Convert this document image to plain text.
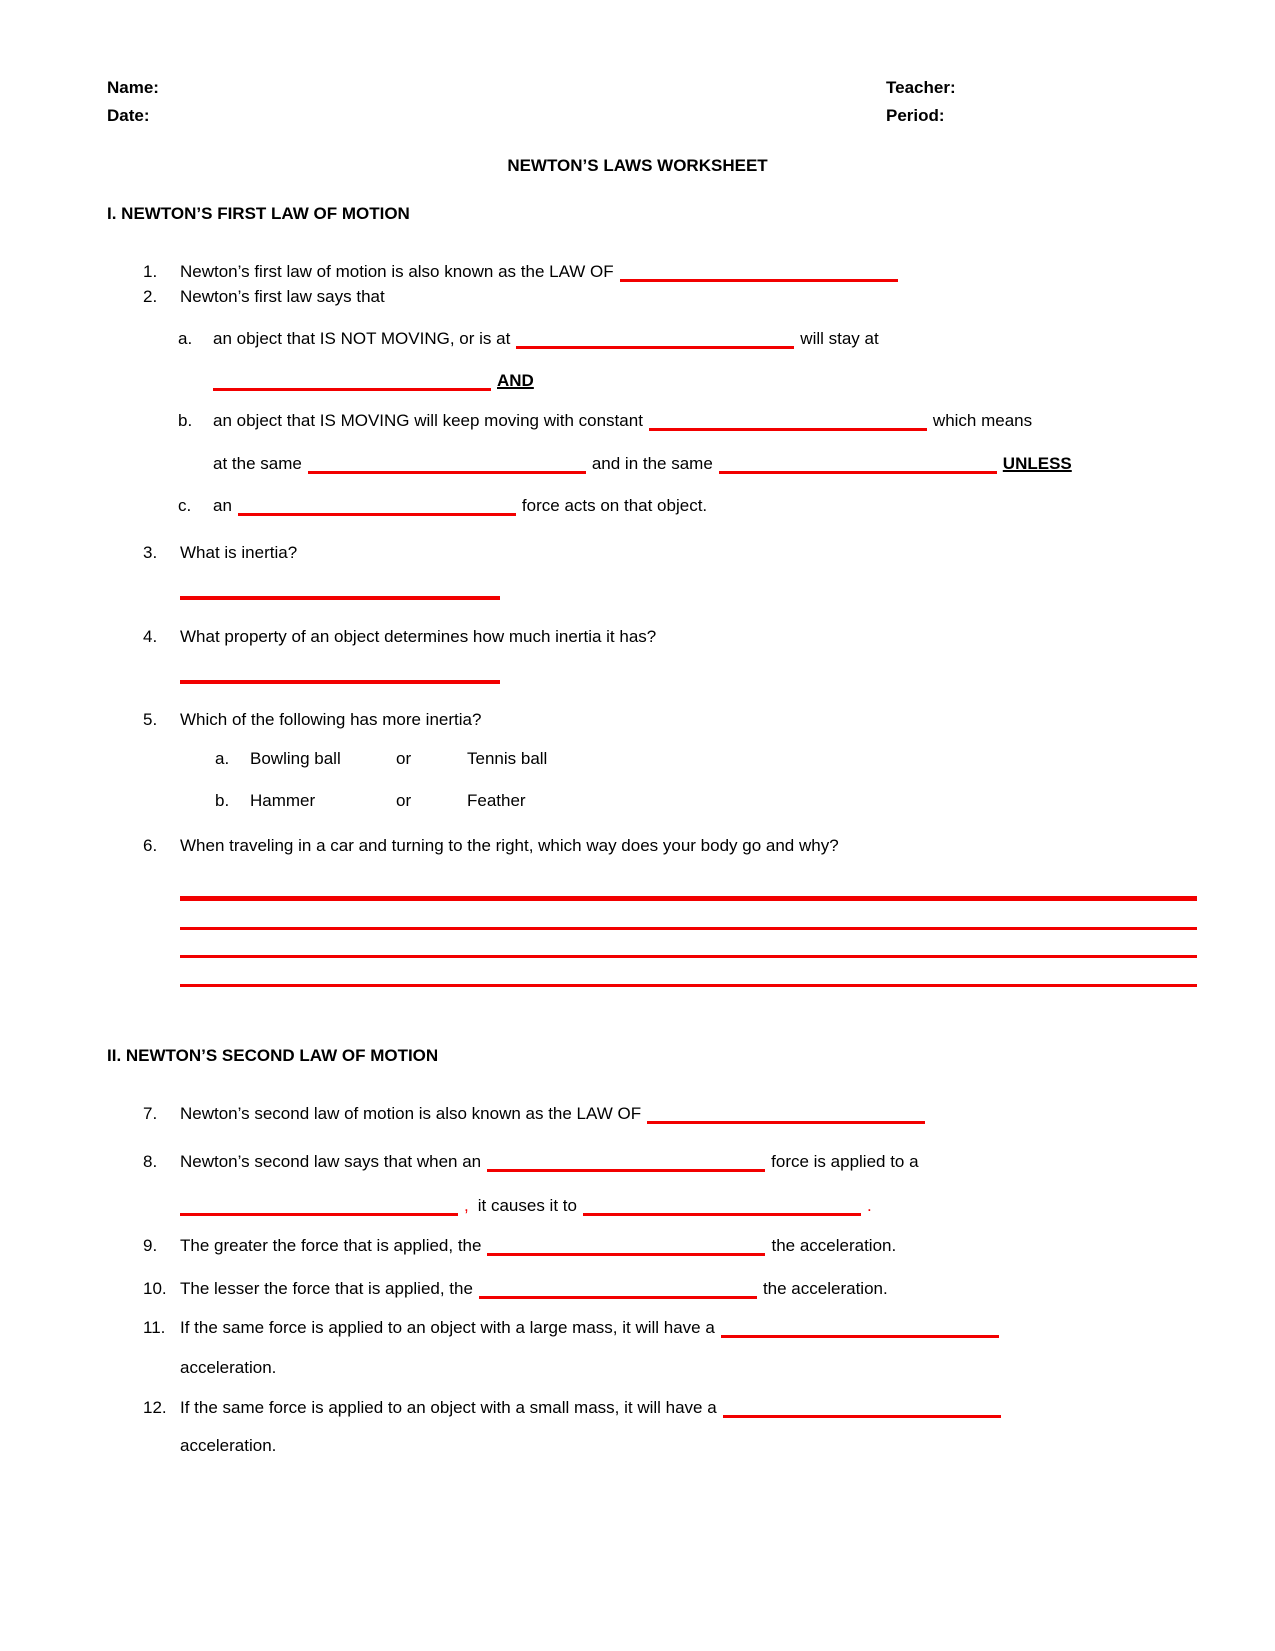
Name:
Date:
Teacher:
Period:
NEWTON’S LAWS WORKSHEET
I. NEWTON’S FIRST LAW OF MOTION
1.	Newton’s first law of motion is also known as the LAW OF
2.	Newton’s first law says that
a.	an object that IS NOT MOVING, or is at	will stay at
AND
b.	an object that IS MOVING will keep moving with constant	which means
at the same	and in the same	UNLESS
c.	an	force acts on that object.
3.	What is inertia?
4.	What property of an object determines how much inertia it has?
5.	Which of the following has more inertia?
a. Bowling ball	or	Tennis ball
b. Hammer	or	Feather
6.	When traveling in a car and turning to the right, which way does your body go and why?
II. NEWTON’S SECOND LAW OF MOTION
7.	Newton’s second law of motion is also known as the LAW OF
8.	Newton’s second law says that when an	force is applied to a
, it causes it to	.
9.	The greater the force that is applied, the	the acceleration.
10. The lesser the force that is applied, the	the acceleration.
11. If the same force is applied to an object with a large mass, it will have a
acceleration.
12. If the same force is applied to an object with a small mass, it will have a
acceleration.
